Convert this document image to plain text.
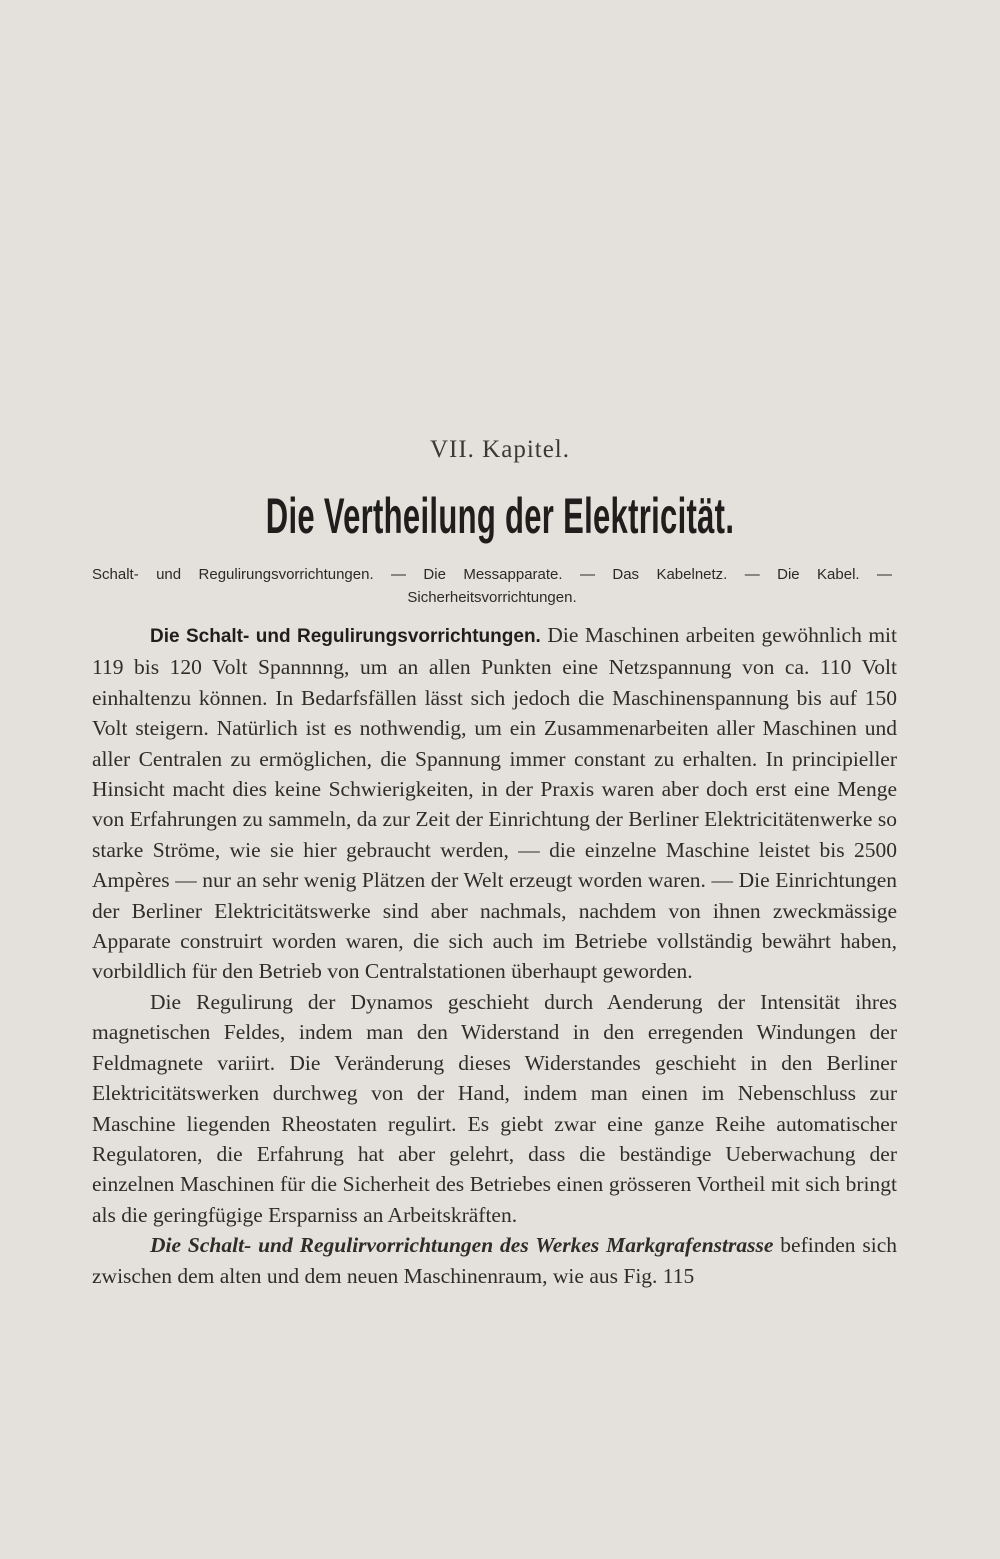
VII. Kapitel.
Die Vertheilung der Elektricität.
Schalt- und Regulirungsvorrichtungen. — Die Messapparate. — Das Kabelnetz. — Die Kabel. — Sicherheitsvorrichtungen.

Die Schalt- und Regulirungsvorrichtungen. Die Maschinen arbeiten gewöhnlich mit 119 bis 120 Volt Spannnng, um an allen Punkten eine Netzspannung von ca. 110 Volt einhaltenzu können. In Bedarfsfällen lässt sich jedoch die Maschinenspannung bis auf 150 Volt steigern. Natürlich ist es nothwendig, um ein Zusammenarbeiten aller Maschinen und aller Centralen zu ermöglichen, die Spannung immer constant zu erhalten. In principieller Hinsicht macht dies keine Schwierigkeiten, in der Praxis waren aber doch erst eine Menge von Erfahrungen zu sammeln, da zur Zeit der Einrichtung der Berliner Elektricitätenwerke so starke Ströme, wie sie hier gebraucht werden, — die einzelne Maschine leistet bis 2500 Ampères — nur an sehr wenig Plätzen der Welt erzeugt worden waren. — Die Einrichtungen der Berliner Elektricitätswerke sind aber nachmals, nachdem von ihnen zweckmässige Apparate construirt worden waren, die sich auch im Betriebe vollständig bewährt haben, vorbildlich für den Betrieb von Centralstationen überhaupt geworden.

Die Regulirung der Dynamos geschieht durch Aenderung der Intensität ihres magnetischen Feldes, indem man den Widerstand in den erregenden Windungen der Feldmagnete variirt. Die Veränderung dieses Widerstandes geschieht in den Berliner Elektricitätswerken durchweg von der Hand, indem man einen im Nebenschluss zur Maschine liegenden Rheostaten regulirt. Es giebt zwar eine ganze Reihe automatischer Regulatoren, die Erfahrung hat aber gelehrt, dass die beständige Ueberwachung der einzelnen Maschinen für die Sicherheit des Betriebes einen grösseren Vortheil mit sich bringt als die geringfügige Ersparniss an Arbeitskräften.

Die Schalt- und Regulirvorrichtungen des Werkes Markgrafenstrasse befinden sich zwischen dem alten und dem neuen Maschinenraum, wie aus Fig. 115
